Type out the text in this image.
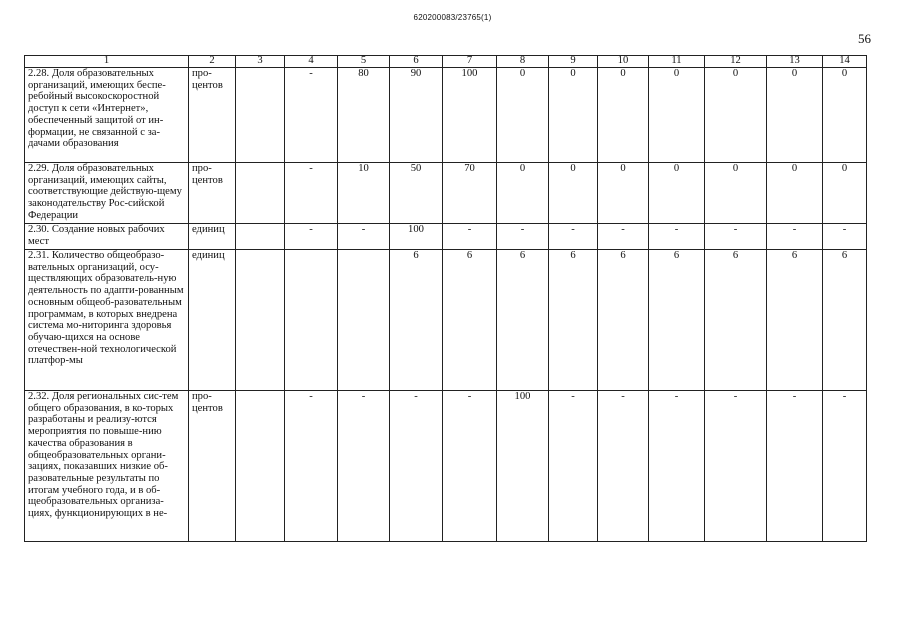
620200083/23765(1)
56
1	2	3	4	5	6	7	8	9	10	11	12	13	14
2.28. Доля образовательных организаций, имеющих беспе-ребойный высокоскоростной доступ к сети «Интернет», обеспеченный защитой от ин-формации, не связанной с за-дачами образования	про-центов		-	80	90	100	0	0	0	0	0	0	0
2.29. Доля образовательных организаций, имеющих сайты, соответствующие действую-щему законодательству Рос-сийской Федерации	про-центов		-	10	50	70	0	0	0	0	0	0	0
2.30. Создание новых рабочих мест	единиц		-	-	100	-	-	-	-	-	-	-	-
2.31. Количество общеобразо-вательных организаций, осу-ществляющих образователь-ную деятельность по адапти-рованным основным общеоб-разовательным программам, в которых внедрена система мо-ниторинга здоровья обучаю-щихся на основе отечествен-ной технологической платфор-мы	единиц				6	6	6	6	6	6	6	6	6
2.32. Доля региональных сис-тем общего образования, в ко-торых разработаны и реализу-ются мероприятия по повыше-нию качества образования в общеобразовательных органи-зациях, показавших низкие об-разовательные результаты по итогам учебного года, и в об-щеобразовательных организа-циях, функционирующих в не-	про-центов		-	-	-	-	100	-	-	-	-	-	-
